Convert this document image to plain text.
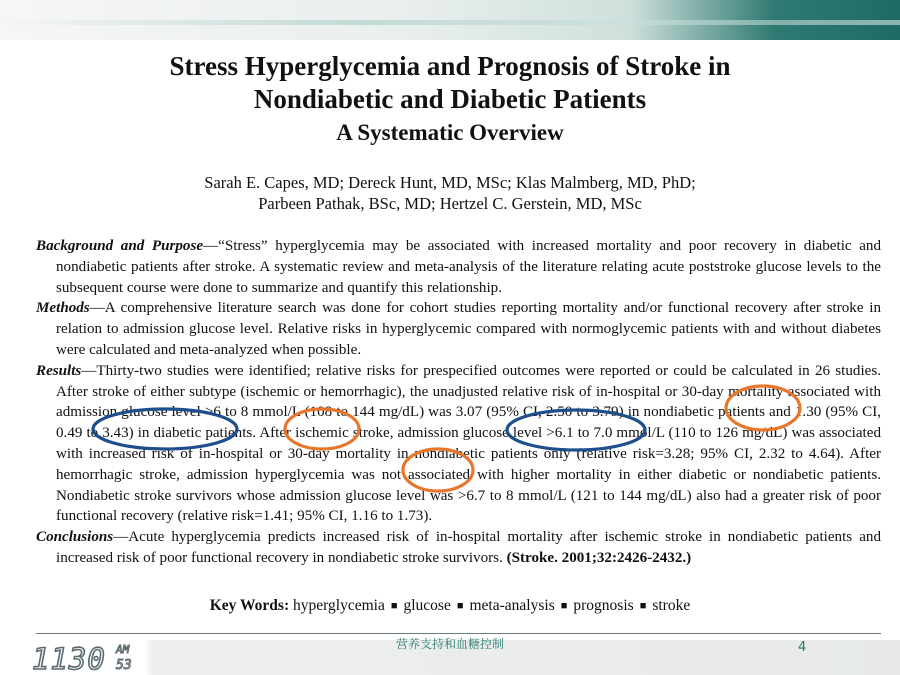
Stress Hyperglycemia and Prognosis of Stroke in
Nondiabetic and Diabetic Patients
A Systematic Overview
Sarah E. Capes, MD; Dereck Hunt, MD, MSc; Klas Malmberg, MD, PhD;
Parbeen Pathak, BSc, MD; Hertzel C. Gerstein, MD, MSc

Background and Purpose—“Stress” hyperglycemia may be associated with increased mortality and poor recovery in diabetic and nondiabetic patients after stroke. A systematic review and meta-analysis of the literature relating acute poststroke glucose levels to the subsequent course were done to summarize and quantify this relationship.

Methods—A comprehensive literature search was done for cohort studies reporting mortality and/or functional recovery after stroke in relation to admission glucose level. Relative risks in hyperglycemic compared with normoglycemic patients with and without diabetes were calculated and meta-analyzed when possible.

Results—Thirty-two studies were identified; relative risks for prespecified outcomes were reported or could be calculated in 26 studies. After stroke of either subtype (ischemic or hemorrhagic), the unadjusted relative risk of in-hospital or 30-day mortality associated with admission glucose level >6 to 8 mmol/L (108 to 144 mg/dL) was 3.07 (95% CI, 2.50 to 3.79) in nondiabetic patients and 1.30 (95% CI, 0.49 to 3.43) in diabetic patients. After ischemic stroke, admission glucose level >6.1 to 7.0 mmol/L (110 to 126 mg/dL) was associated with increased risk of in-hospital or 30-day mortality in nondiabetic patients only (relative risk=3.28; 95% CI, 2.32 to 4.64). After hemorrhagic stroke, admission hyperglycemia was not associated with higher mortality in either diabetic or nondiabetic patients. Nondiabetic stroke survivors whose admission glucose level was >6.7 to 8 mmol/L (121 to 144 mg/dL) also had a greater risk of poor functional recovery (relative risk=1.41; 95% CI, 1.16 to 1.73).

Conclusions—Acute hyperglycemia predicts increased risk of in-hospital mortality after ischemic stroke in nondiabetic patients and increased risk of poor functional recovery in nondiabetic stroke survivors. (Stroke. 2001;32:2426-2432.)

Key Words: hyperglycemia ■ glucose ■ meta-analysis ■ prognosis ■ stroke
营养支持和血糖控制	4
1130 AM
53
